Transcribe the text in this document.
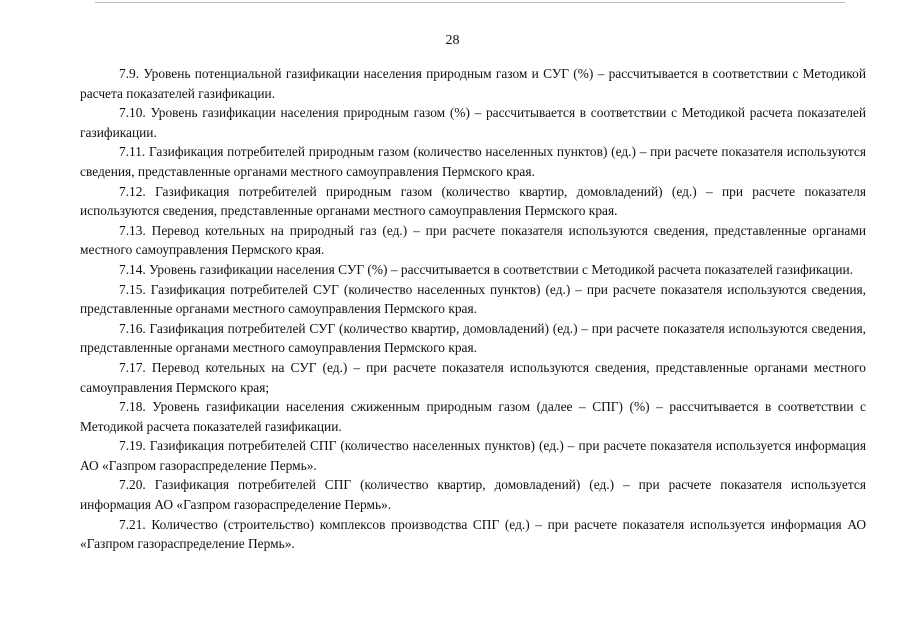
28

7.9. Уровень потенциальной газификации населения природным газом и СУГ (%) – рассчитывается в соответствии с Методикой расчета показателей газификации.

7.10. Уровень газификации населения природным газом (%) – рассчитывается в соответствии с Методикой расчета показателей газификации.

7.11. Газификация потребителей природным газом (количество населенных пунктов) (ед.) – при расчете показателя используются сведения, представленные органами местного самоуправления Пермского края.

7.12. Газификация потребителей природным газом (количество квартир, домовладений) (ед.) – при расчете показателя используются сведения, представленные органами местного самоуправления Пермского края.

7.13. Перевод котельных на природный газ (ед.) – при расчете показателя используются сведения, представленные органами местного самоуправления Пермского края.

7.14. Уровень газификации населения СУГ (%) – рассчитывается в соответствии с Методикой расчета показателей газификации.

7.15. Газификация потребителей СУГ (количество населенных пунктов) (ед.) – при расчете показателя используются сведения, представленные органами местного самоуправления Пермского края.

7.16. Газификация потребителей СУГ (количество квартир, домовладений) (ед.) – при расчете показателя используются сведения, представленные органами местного самоуправления Пермского края.

7.17. Перевод котельных на СУГ (ед.) – при расчете показателя используются сведения, представленные органами местного самоуправления Пермского края;

7.18. Уровень газификации населения сжиженным природным газом (далее – СПГ) (%) – рассчитывается в соответствии с Методикой расчета показателей газификации.

7.19. Газификация потребителей СПГ (количество населенных пунктов) (ед.) – при расчете показателя используется информация АО «Газпром газораспределение Пермь».

7.20. Газификация потребителей СПГ (количество квартир, домовладений) (ед.) – при расчете показателя используется информация АО «Газпром газораспределение Пермь».

7.21. Количество (строительство) комплексов производства СПГ (ед.) – при расчете показателя используется информация АО «Газпром газораспределение Пермь».
